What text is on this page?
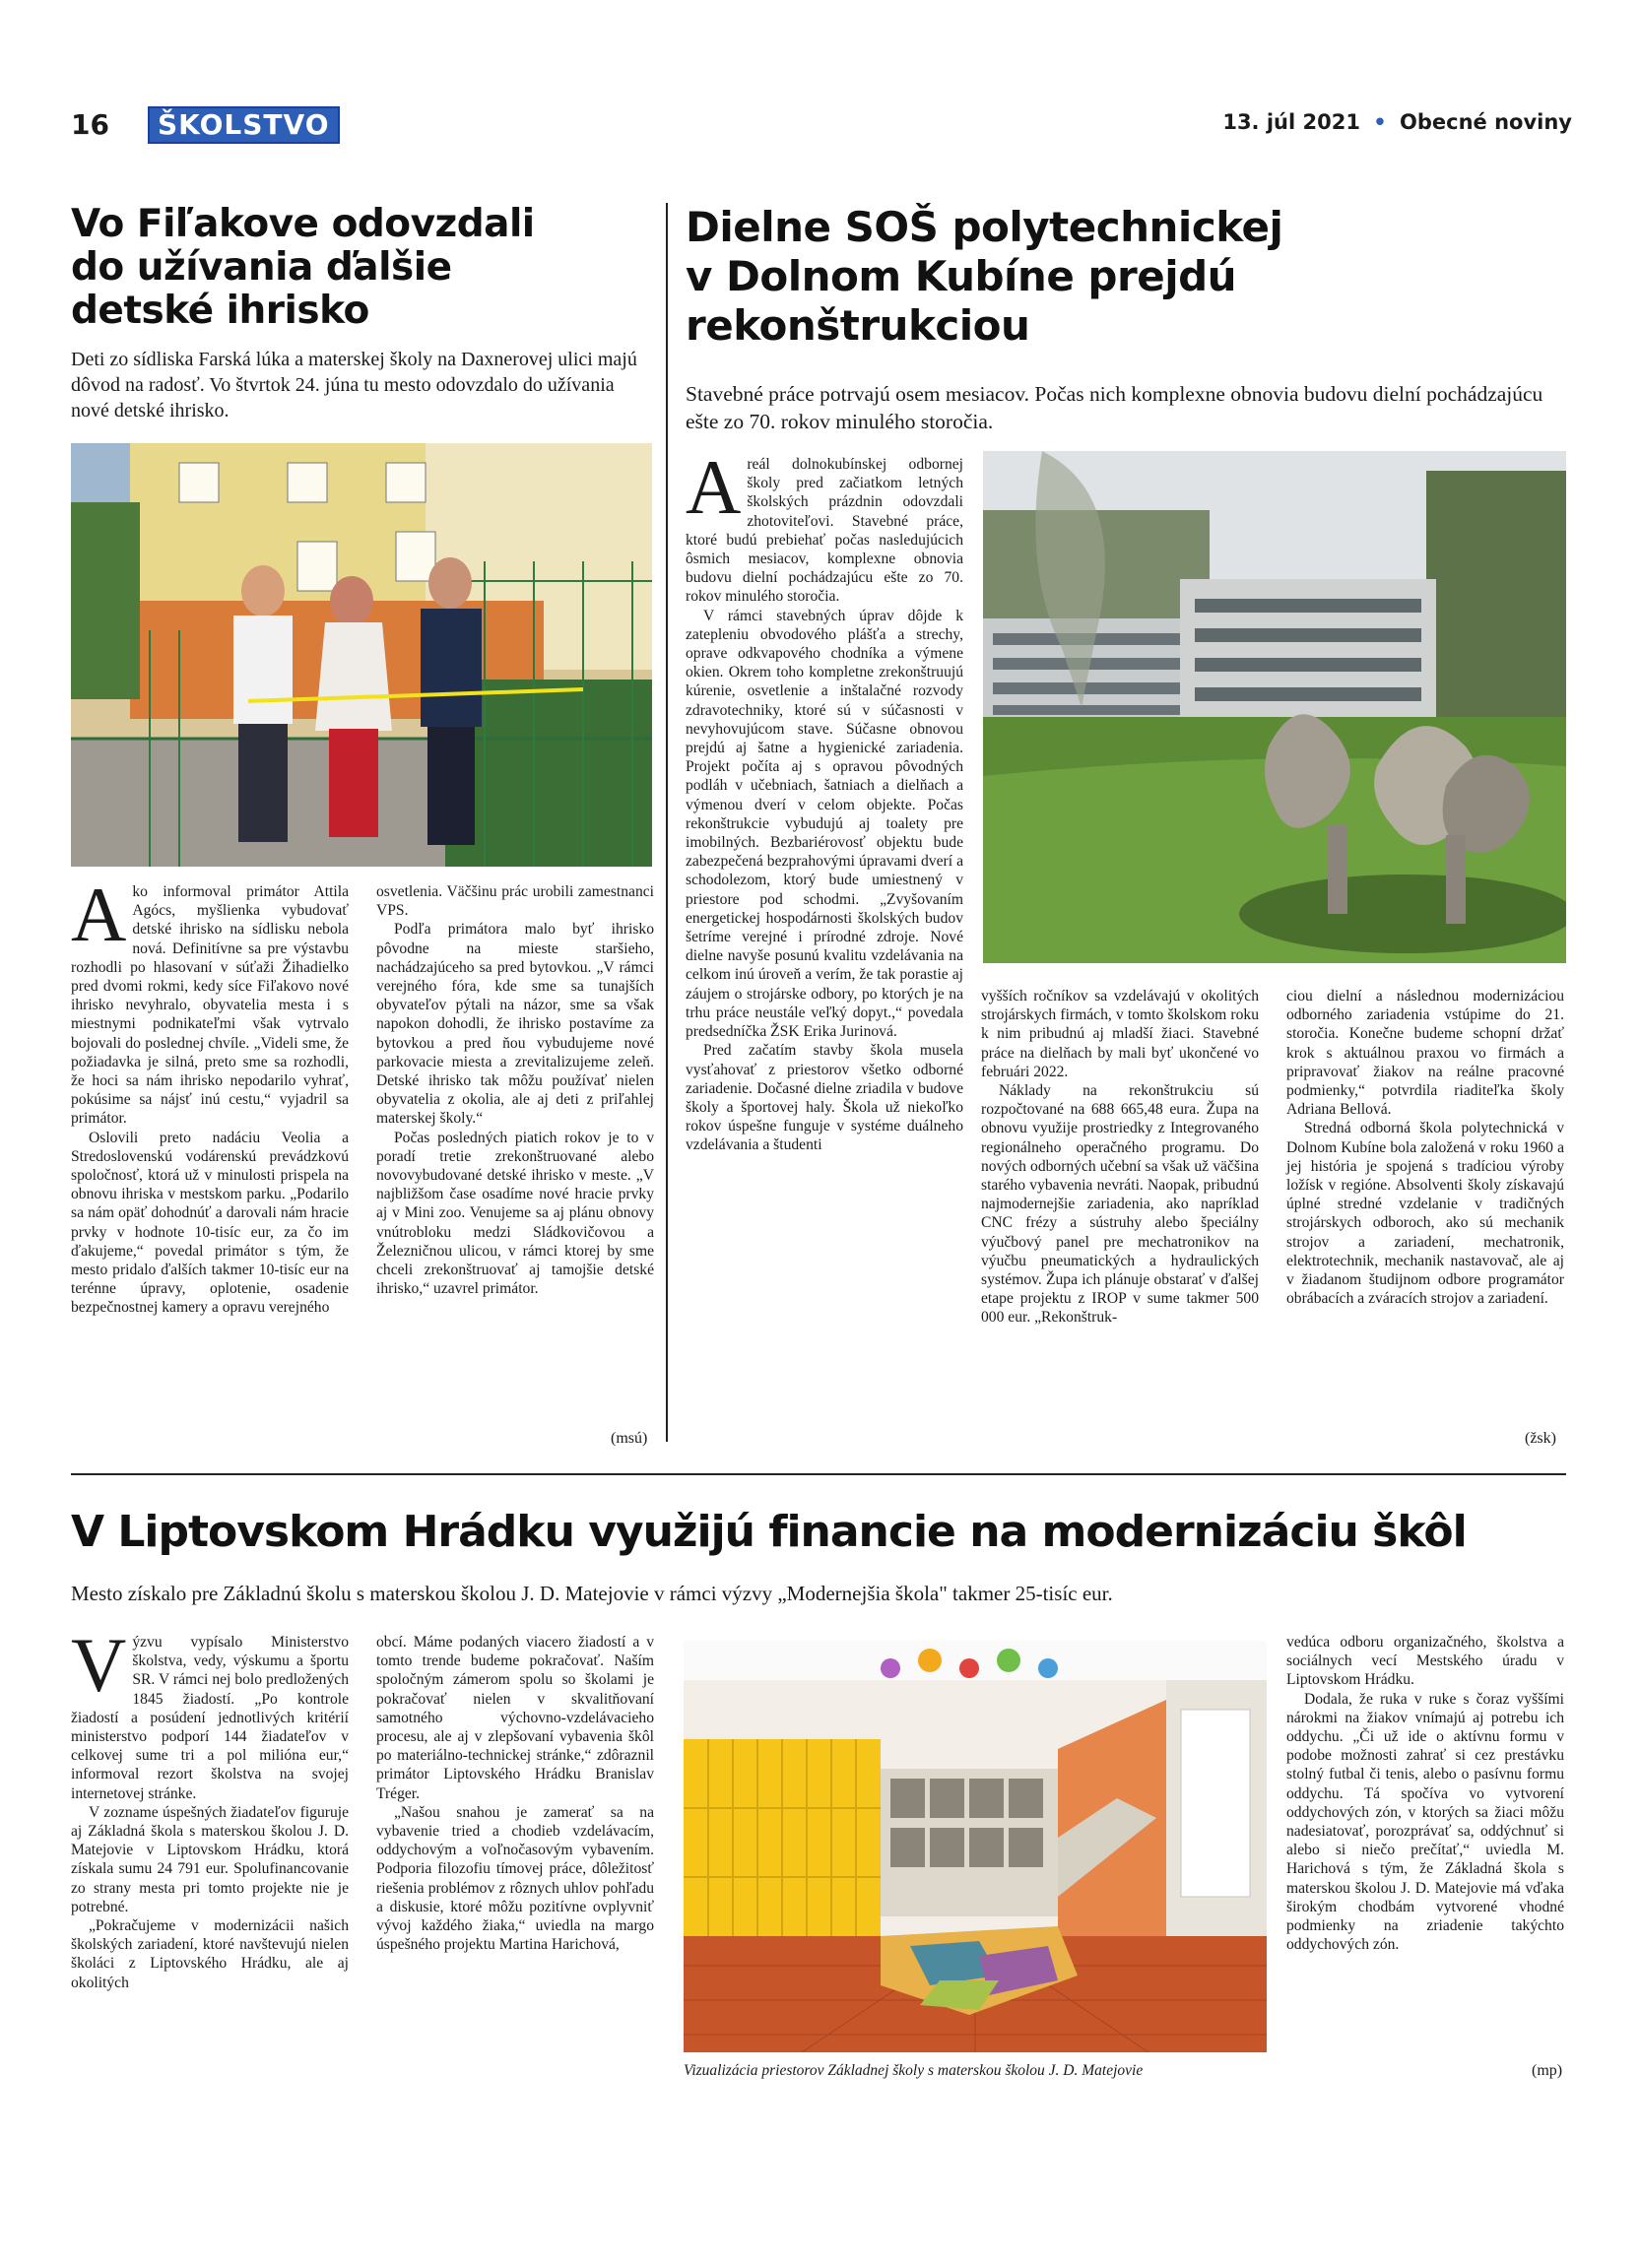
16	ŠKOLSTVO	13. júl 2021 • Obecné noviny
Vo Fiľakove odovzdali
do užívania ďalšie
detské ihrisko
Deti zo sídliska Farská lúka a materskej školy na Daxnerovej ulici majú dôvod na radosť. Vo štvrtok 24. júna tu mesto odovzdalo do užívania nové detské ihrisko.

Ako informoval primátor Attila Agócs, myšlienka vybudovať detské ihrisko na sídlisku nebola nová. Definitívne sa pre výstavbu rozhodli po hlasovaní v súťaži Žihadielko pred dvomi rokmi, kedy síce Fiľakovo nové ihrisko nevyhralo, obyvatelia mesta i s miestnymi podnikateľmi však vytrvalo bojovali do poslednej chvíle. „Videli sme, že požiadavka je silná, preto sme sa rozhodli, že hoci sa nám ihrisko nepodarilo vyhrať, pokúsime sa nájsť inú cestu,“ vyjadril sa primátor.

Oslovili preto nadáciu Veolia a Stredoslovenskú vodárenskú prevádzkovú spoločnosť, ktorá už v minulosti prispela na obnovu ihriska v mestskom parku. „Podarilo sa nám opäť dohodnúť a darovali nám hracie prvky v hodnote 10-tisíc eur, za čo im ďakujeme,“ povedal primátor s tým, že mesto pridalo ďalších takmer 10-tisíc eur na terénne úpravy, oplotenie, osadenie bezpečnostnej kamery a opravu verejného

osvetlenia. Väčšinu prác urobili zamestnanci VPS.

Podľa primátora malo byť ihrisko pôvodne na mieste staršieho, nachádzajúceho sa pred bytovkou. „V rámci verejného fóra, kde sme sa tunajších obyvateľov pýtali na názor, sme sa však napokon dohodli, že ihrisko postavíme za bytovkou a pred ňou vybudujeme nové parkovacie miesta a zrevitalizujeme zeleň. Detské ihrisko tak môžu používať nielen obyvatelia z okolia, ale aj deti z priľahlej materskej školy.“

Počas posledných piatich rokov je to v poradí tretie zrekonštruované alebo novovybudované detské ihrisko v meste. „V najbližšom čase osadíme nové hracie prvky aj v Mini zoo. Venujeme sa aj plánu obnovy vnútrobloku medzi Sládkovičovou a Železničnou ulicou, v rámci ktorej by sme chceli zrekonštruovať aj tamojšie detské ihrisko,“ uzavrel primátor.

(msú)
Dielne SOŠ polytechnickej
v Dolnom Kubíne prejdú
rekonštrukciou
Stavebné práce potrvajú osem mesiacov. Počas nich komplexne obnovia budovu dielní pochádzajúcu ešte zo 70. rokov minulého storočia.

Areál dolnokubínskej odbornej školy pred začiatkom letných školských prázdnin odovzdali zhotoviteľovi. Stavebné práce, ktoré budú prebiehať počas nasledujúcich ôsmich mesiacov, komplexne obnovia budovu dielní pochádzajúcu ešte zo 70. rokov minulého storočia.

V rámci stavebných úprav dôjde k zatepleniu obvodového plášťa a strechy, oprave odkvapového chodníka a výmene okien. Okrem toho kompletne zrekonštruujú kúrenie, osvetlenie a inštalačné rozvody zdravotechniky, ktoré sú v súčasnosti v nevyhovujúcom stave. Súčasne obnovou prejdú aj šatne a hygienické zariadenia. Projekt počíta aj s opravou pôvodných podláh v učebniach, šatniach a dielňach a výmenou dverí v celom objekte. Počas rekonštrukcie vybudujú aj toalety pre imobilných. Bezbariérovosť objektu bude zabezpečená bezprahovými úpravami dverí a schodolezom, ktorý bude umiestnený v priestore pod schodmi. „Zvyšovaním energetickej hospodárnosti školských budov šetríme verejné i prírodné zdroje. Nové dielne navyše posunú kvalitu vzdelávania na celkom inú úroveň a verím, že tak porastie aj záujem o strojárske odbory, po ktorých je na trhu práce neustále veľký dopyt.,“ povedala predsedníčka ŽSK Erika Jurinová.

Pred začatím stavby škola musela vysťahovať z priestorov všetko odborné zariadenie. Dočasné dielne zriadila v budove školy a športovej haly. Škola už niekoľko rokov úspešne funguje v systéme duálneho vzdelávania a študenti

vyšších ročníkov sa vzdelávajú v okolitých strojárskych firmách, v tomto školskom roku k nim pribudnú aj mladší žiaci. Stavebné práce na dielňach by mali byť ukončené vo februári 2022.

Náklady na rekonštrukciu sú rozpočtované na 688 665,48 eura. Župa na obnovu využije prostriedky z Integrovaného regionálneho operačného programu. Do nových odborných učební sa však už väčšina starého vybavenia nevráti. Naopak, pribudnú najmodernejšie zariadenia, ako napríklad CNC frézy a sústruhy alebo špeciálny výučbový panel pre mechatronikov na výučbu pneumatických a hydraulických systémov. Župa ich plánuje obstarať v ďalšej etape projektu z IROP v sume takmer 500 000 eur. „Rekonštruk-

ciou dielní a následnou modernizáciou odborného zariadenia vstúpime do 21. storočia. Konečne budeme schopní držať krok s aktuálnou praxou vo firmách a pripravovať žiakov na reálne pracovné podmienky,“ potvrdila riaditeľka školy Adriana Bellová.

Stredná odborná škola polytechnická v Dolnom Kubíne bola založená v roku 1960 a jej história je spojená s tradíciou výroby ložísk v regióne. Absolventi školy získavajú úplné stredné vzdelanie v tradičných strojárskych odboroch, ako sú mechanik strojov a zariadení, mechatronik, elektrotechnik, mechanik nastavovač, ale aj v žiadanom študijnom odbore programátor obrábacích a zváracích strojov a zariadení.

(žsk)
V Liptovskom Hrádku využijú financie na modernizáciu škôl
Mesto získalo pre Základnú školu s materskou školou J. D. Matejovie v rámci výzvy „Modernejšia škola" takmer 25-tisíc eur.

Výzvu vypísalo Ministerstvo školstva, vedy, výskumu a športu SR. V rámci nej bolo predložených 1845 žiadostí. „Po kontrole žiadostí a posúdení jednotlivých kritérií ministerstvo podporí 144 žiadateľov v celkovej sume tri a pol milióna eur,“ informoval rezort školstva na svojej internetovej stránke.

V zozname úspešných žiadateľov figuruje aj Základná škola s materskou školou J. D. Matejovie v Liptovskom Hrádku, ktorá získala sumu 24 791 eur. Spolufinancovanie zo strany mesta pri tomto projekte nie je potrebné.

„Pokračujeme v modernizácii našich školských zariadení, ktoré navštevujú nielen školáci z Liptovského Hrádku, ale aj okolitých

obcí. Máme podaných viacero žiadostí a v tomto trende budeme pokračovať. Naším spoločným zámerom spolu so školami je pokračovať nielen v skvalitňovaní samotného výchovno-vzdelávacieho procesu, ale aj v zlepšovaní vybavenia škôl po materiálno-technickej stránke,“ zdôraznil primátor Liptovského Hrádku Branislav Tréger.

„Našou snahou je zamerať sa na vybavenie tried a chodieb vzdelávacím, oddychovým a voľnočasovým vybavením. Podporia filozofiu tímovej práce, dôležitosť riešenia problémov z rôznych uhlov pohľadu a diskusie, ktoré môžu pozitívne ovplyvniť vývoj každého žiaka,“ uviedla na margo úspešného projektu Martina Harichová,

Vizualizácia priestorov Základnej školy s materskou školou J. D. Matejovie

vedúca odboru organizačného, školstva a sociálnych vecí Mestského úradu v Liptovskom Hrádku.

Dodala, že ruka v ruke s čoraz vyššími nárokmi na žiakov vnímajú aj potrebu ich oddychu. „Či už ide o aktívnu formu v podobe možnosti zahrať si cez prestávku stolný futbal či tenis, alebo o pasívnu formu oddychu. Tá spočíva vo vytvorení oddychových zón, v ktorých sa žiaci môžu nadesiatovať, porozprávať sa, oddýchnuť si alebo si niečo prečítať,“ uviedla M. Harichová s tým, že Základná škola s materskou školou J. D. Matejovie má vďaka širokým chodbám vytvorené vhodné podmienky na zriadenie takýchto oddychových zón.

(mp)
